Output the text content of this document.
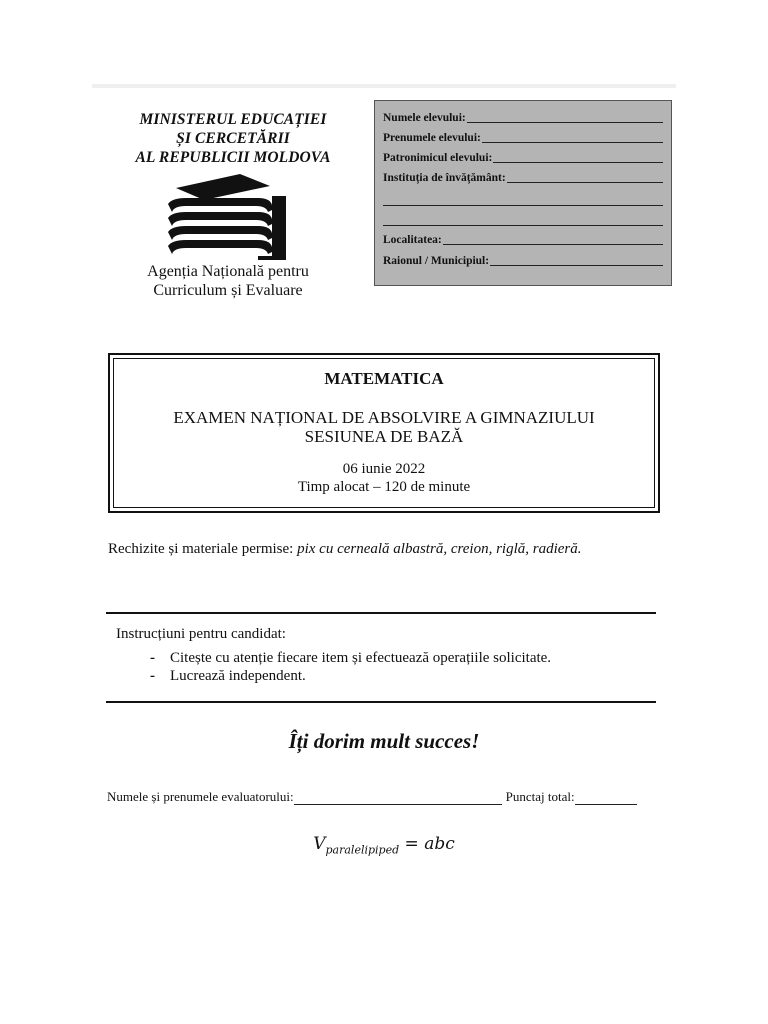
MINISTERUL EDUCAȚIEI
ȘI CERCETĂRII
AL REPUBLICII MOLDOVA
Agenția Națională pentru
Curriculum și Evaluare
Numele elevului:
Prenumele elevului:
Patronimicul elevului:
Instituția de învățământ:
Localitatea:
Raionul / Municipiul:
MATEMATICA
EXAMEN NAȚIONAL DE ABSOLVIRE A GIMNAZIULUI
SESIUNEA DE BAZĂ
06 iunie 2022
Timp alocat – 120 de minute
Rechizite și materiale permise: pix cu cerneală albastră, creion, riglă, radieră.
Instrucțiuni pentru candidat:
- Citește cu atenție fiecare item și efectuează operațiile solicitate.
- Lucrează independent.
Îți dorim mult succes!
Numele și prenumele evaluatorului:	Punctaj total:
$V_{paralelipiped}$ = abc
